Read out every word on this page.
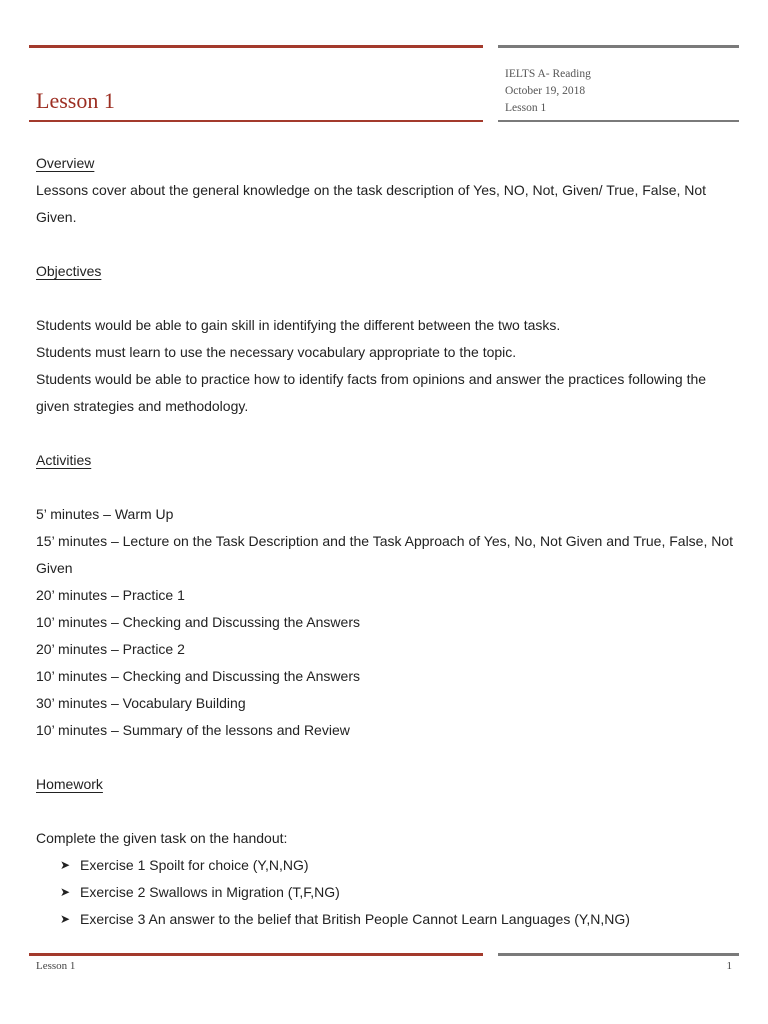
Lesson 1
IELTS A- Reading
October 19, 2018
Lesson 1
Overview
Lessons cover about the general knowledge on the task description of Yes, NO, Not, Given/ True, False, Not Given.
Objectives
Students would be able to gain skill in identifying the different between the two tasks.
Students must learn to use the necessary vocabulary appropriate to the topic.
Students would be able to practice how to identify facts from opinions and answer the practices following the given strategies and methodology.
Activities
5’ minutes – Warm Up
15’ minutes – Lecture on the Task Description and the Task Approach of Yes, No, Not Given and True, False, Not Given
20’ minutes – Practice 1
10’ minutes – Checking and Discussing the Answers
20’ minutes – Practice 2
10’ minutes – Checking and Discussing the Answers
30’ minutes – Vocabulary Building
10’ minutes – Summary of the lessons and Review
Homework
Complete the given task on the handout:
➤ Exercise 1 Spoilt for choice (Y,N,NG)
➤ Exercise 2 Swallows in Migration (T,F,NG)
➤ Exercise 3 An answer to the belief that British People Cannot Learn Languages (Y,N,NG)
Lesson 1	1
